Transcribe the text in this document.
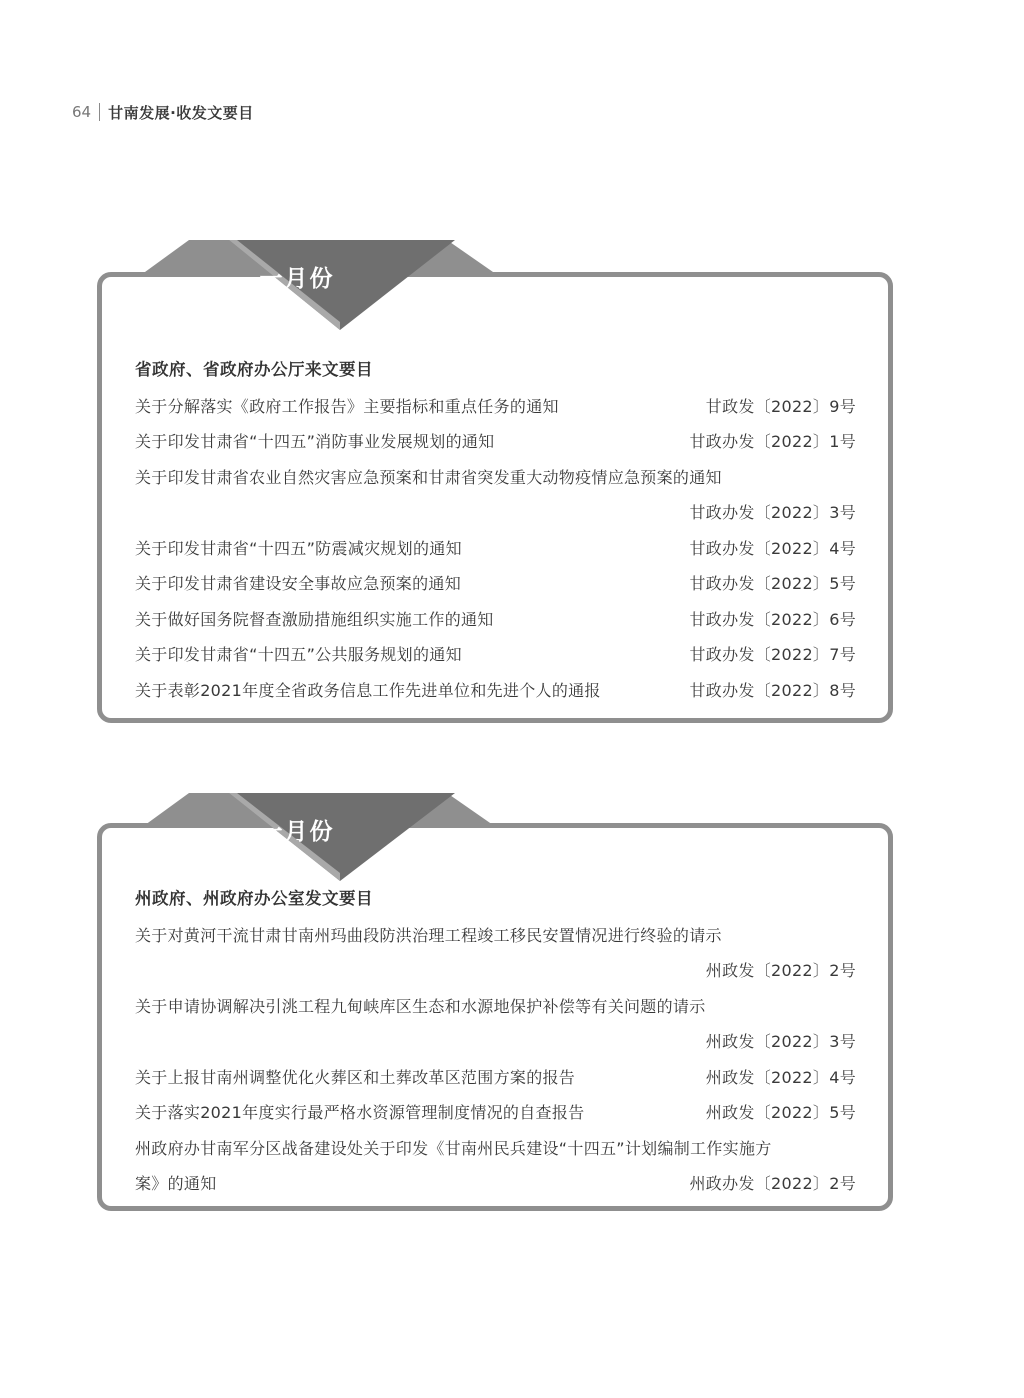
64 甘南发展·收发文要目
一月份
省政府、省政府办公厅来文要目
关于分解落实《政府工作报告》主要指标和重点任务的通知	甘政发〔2022〕9号
关于印发甘肃省“十四五”消防事业发展规划的通知	甘政办发〔2022〕1号
关于印发甘肃省农业自然灾害应急预案和甘肃省突发重大动物疫情应急预案的通知
甘政办发〔2022〕3号
关于印发甘肃省“十四五”防震减灾规划的通知	甘政办发〔2022〕4号
关于印发甘肃省建设安全事故应急预案的通知	甘政办发〔2022〕5号
关于做好国务院督查激励措施组织实施工作的通知	甘政办发〔2022〕6号
关于印发甘肃省“十四五”公共服务规划的通知	甘政办发〔2022〕7号
关于表彰2021年度全省政务信息工作先进单位和先进个人的通报	甘政办发〔2022〕8号
一月份
州政府、州政府办公室发文要目
关于对黄河干流甘肃甘南州玛曲段防洪治理工程竣工移民安置情况进行终验的请示
州政发〔2022〕2号
关于申请协调解决引洮工程九甸峡库区生态和水源地保护补偿等有关问题的请示
州政发〔2022〕3号
关于上报甘南州调整优化火葬区和土葬改革区范围方案的报告	州政发〔2022〕4号
关于落实2021年度实行最严格水资源管理制度情况的自查报告	州政发〔2022〕5号
州政府办甘南军分区战备建设处关于印发《甘南州民兵建设“十四五”计划编制工作实施方
案》的通知	州政办发〔2022〕2号
